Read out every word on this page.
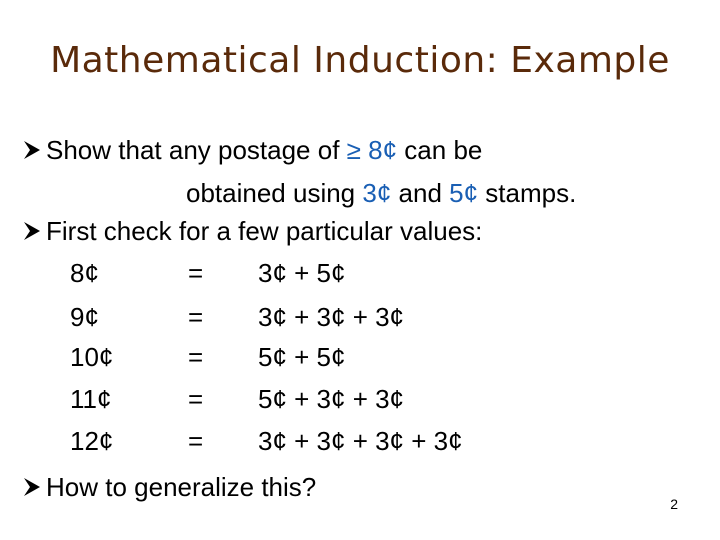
Mathematical Induction: Example
Show that any postage of ≥ 8¢ can be
obtained using 3¢ and 5¢ stamps.
First check for a few particular values:
8¢	= 3¢ + 5¢
9¢	= 3¢ + 3¢ + 3¢
10¢	= 5¢ + 5¢
11¢	= 5¢ + 3¢ + 3¢
12¢	= 3¢ + 3¢ + 3¢ + 3¢
How to generalize this?
2
